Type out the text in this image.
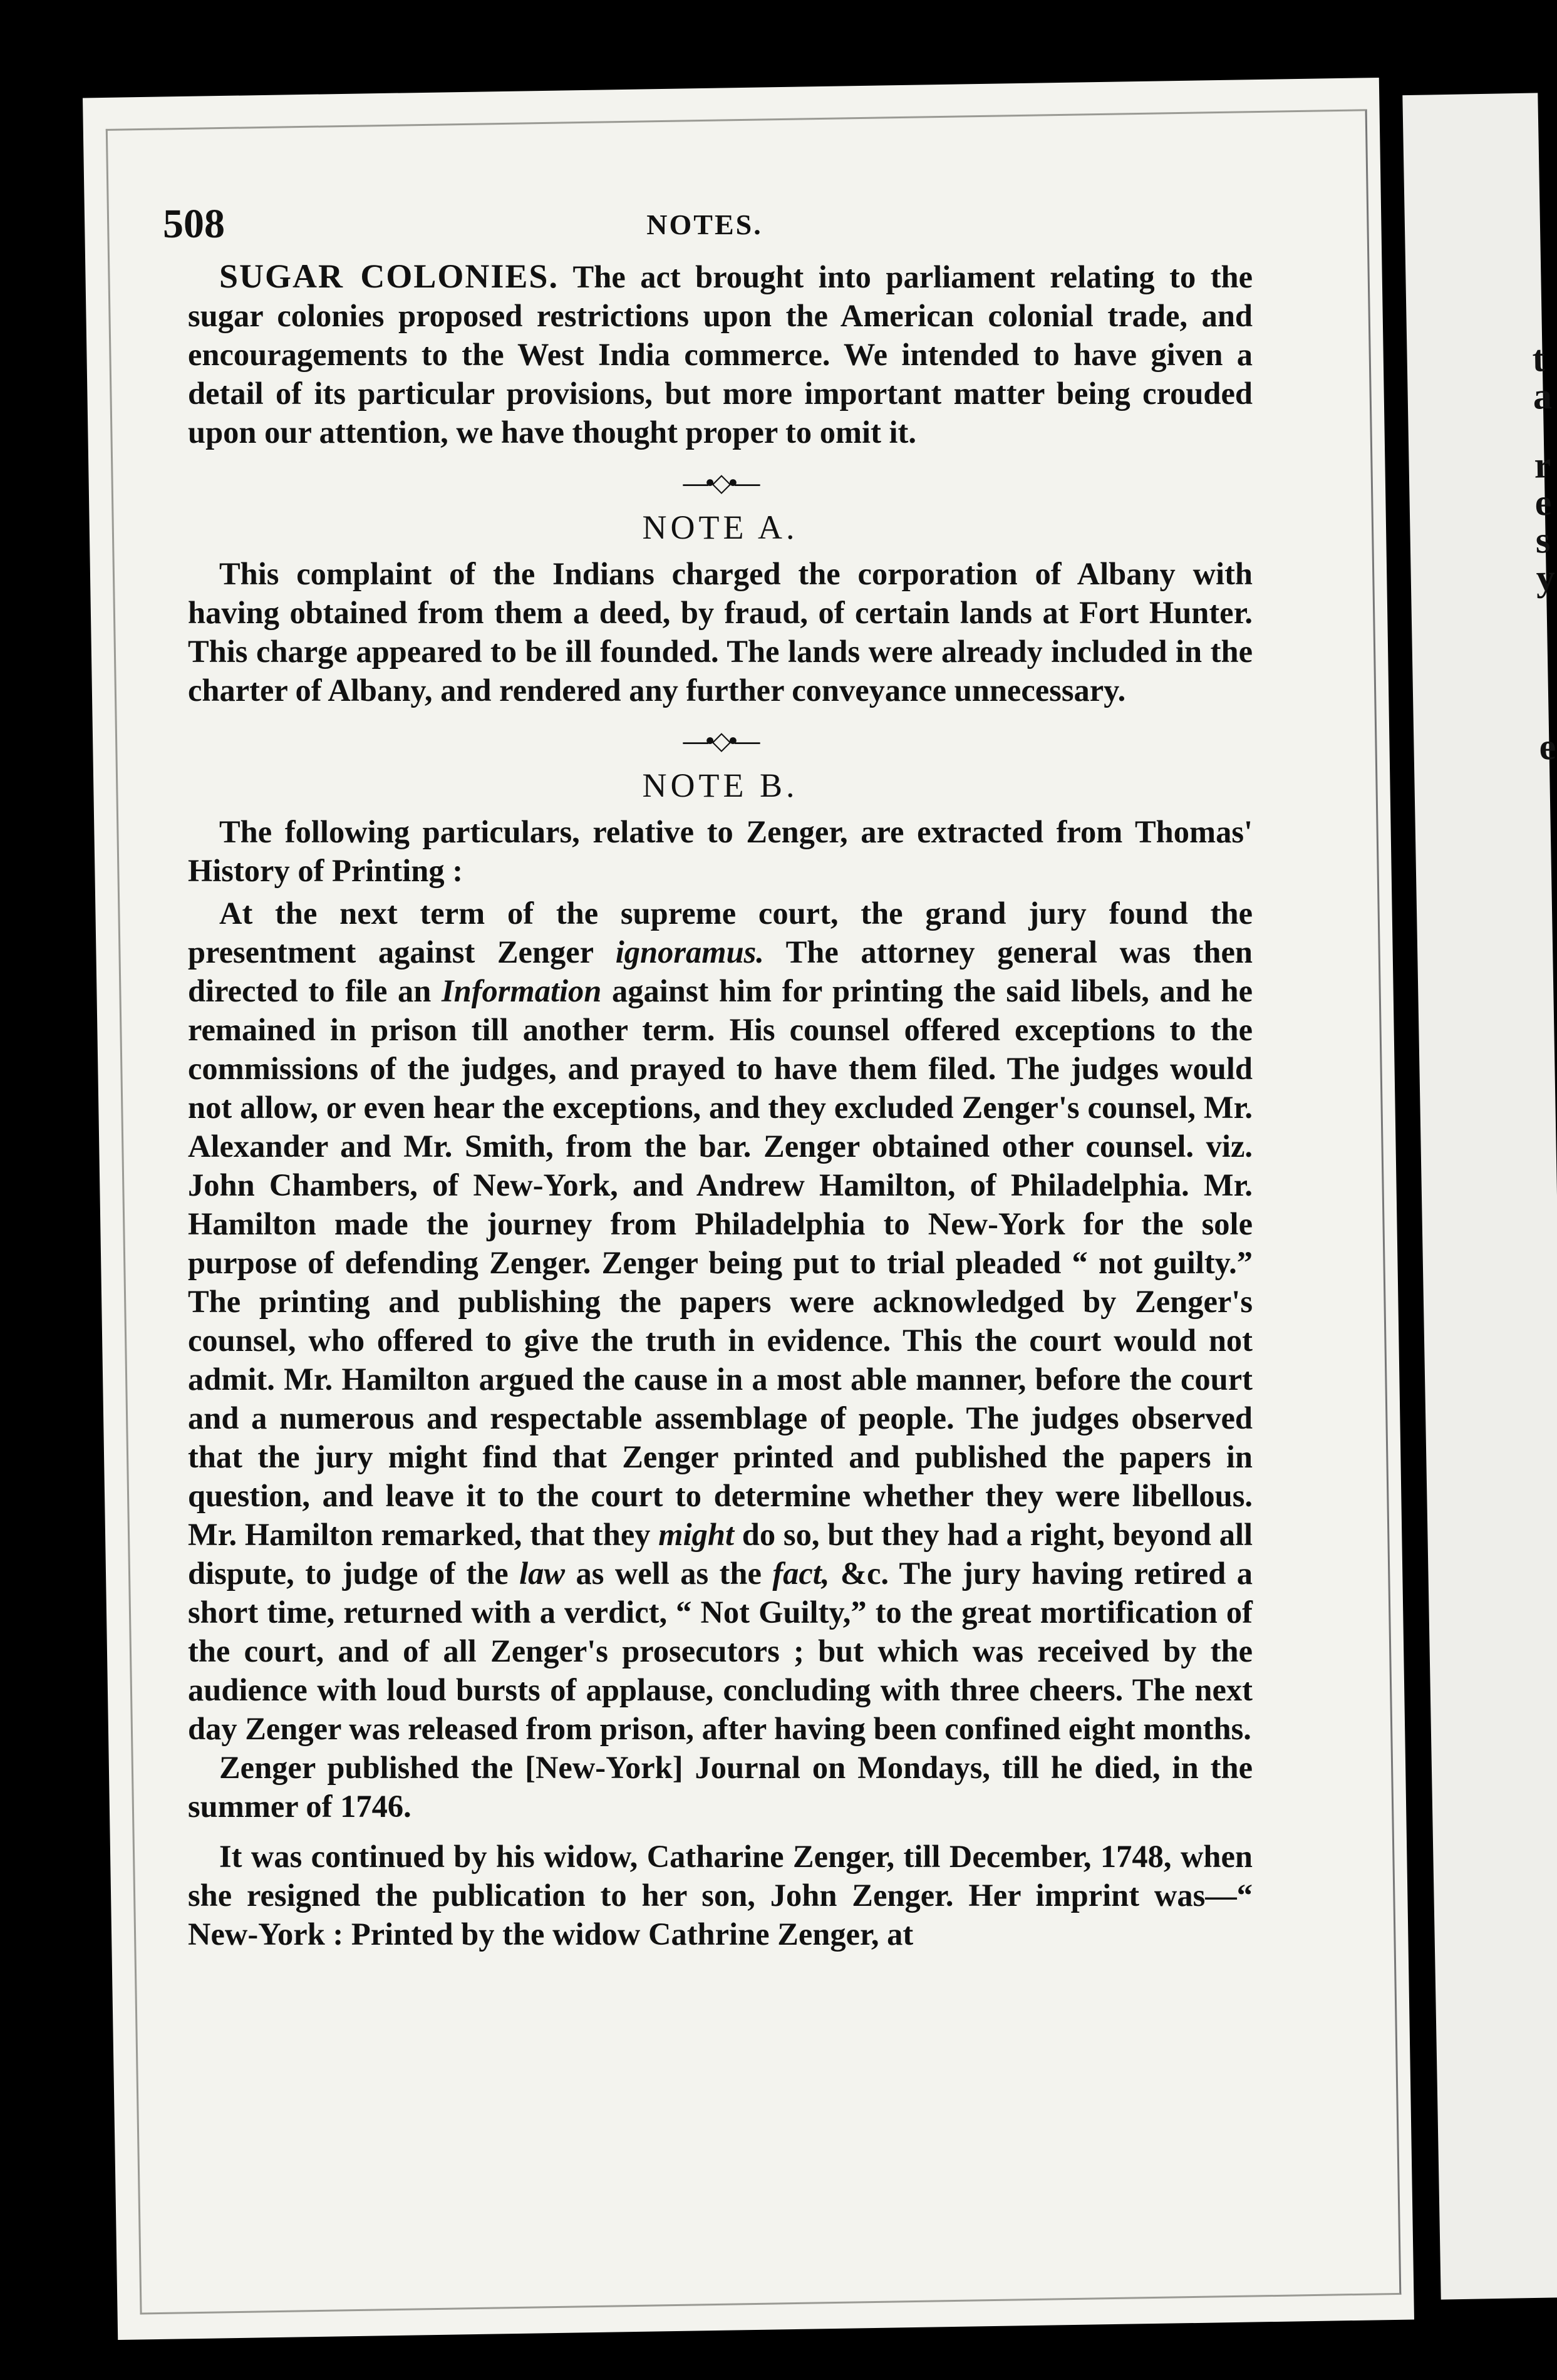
t
a
r
e
s
y
e
508	NOTES.

SUGAR COLONIES. The act brought into parliament relating to the sugar colonies proposed restrictions upon the American colonial trade, and encouragements to the West India commerce. We intended to have given a detail of its particular provisions, but more important matter being crouded upon our attention, we have thought proper to omit it.

—•◇•—
NOTE A.

This complaint of the Indians charged the corporation of Albany with having obtained from them a deed, by fraud, of certain lands at Fort Hunter. This charge appeared to be ill founded. The lands were already included in the charter of Albany, and rendered any further conveyance unnecessary.

—•◇•—
NOTE B.

The following particulars, relative to Zenger, are extracted from Thomas' History of Printing :

At the next term of the supreme court, the grand jury found the presentment against Zenger ignoramus. The attorney general was then directed to file an Information against him for printing the said libels, and he remained in prison till another term. His counsel offered exceptions to the commissions of the judges, and prayed to have them filed. The judges would not allow, or even hear the exceptions, and they excluded Zenger's counsel, Mr. Alexander and Mr. Smith, from the bar. Zenger obtained other counsel. viz. John Chambers, of New-York, and Andrew Hamilton, of Philadelphia. Mr. Hamilton made the journey from Philadelphia to New-York for the sole purpose of defending Zenger. Zenger being put to trial pleaded “ not guilty.” The printing and publishing the papers were acknowledged by Zenger's counsel, who offered to give the truth in evidence. This the court would not admit. Mr. Hamilton argued the cause in a most able manner, before the court and a numerous and respectable assemblage of people. The judges observed that the jury might find that Zenger printed and published the papers in question, and leave it to the court to determine whether they were libellous. Mr. Hamilton remarked, that they might do so, but they had a right, beyond all dispute, to judge of the law as well as the fact, &c. The jury having retired a short time, returned with a verdict, “ Not Guilty,” to the great mortification of the court, and of all Zenger's prosecutors ; but which was received by the audience with loud bursts of applause, concluding with three cheers. The next day Zenger was released from prison, after having been confined eight months.

Zenger published the [New-York] Journal on Mondays, till he died, in the summer of 1746.

It was continued by his widow, Catharine Zenger, till December, 1748, when she resigned the publication to her son, John Zenger. Her imprint was—“ New-York : Printed by the widow Cathrine Zenger, at
